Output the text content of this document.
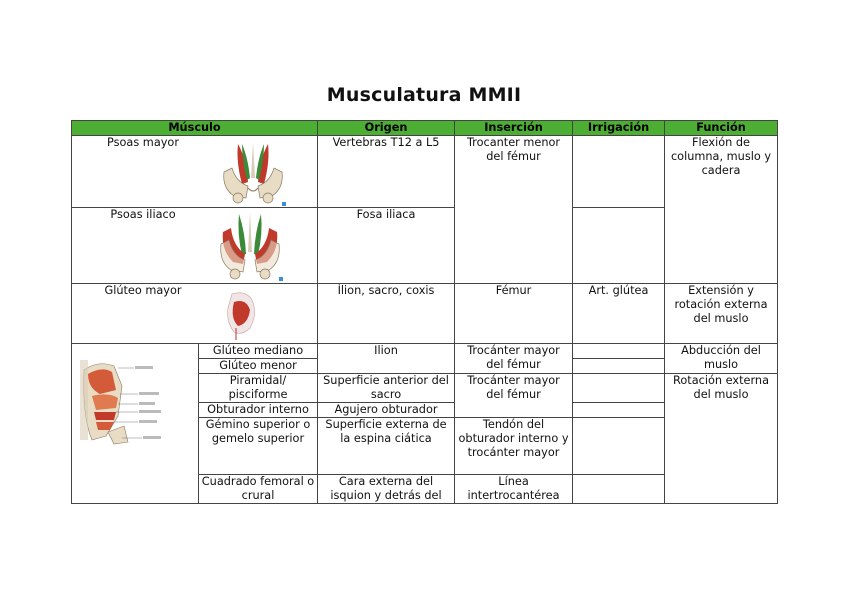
Musculatura MMII
Músculo		Origen	Inserción	Irrigación	Función

Psoas mayor		Vertebras T12 a L5	Trocanter menor del fémur		Flexión de columna, muslo y cadera

Psoas iliaco		Fosa iliaca			

Glúteo mayor		Ílion, sacro, coxis	Fémur	Art. glútea	Extensión y rotación externa del muslo

	Glúteo mediano	Ilion	Trocánter mayor del fémur		Abducción del muslo
	Glúteo menor				
	Piramidal/ pisciforme	Superficie anterior del sacro	Trocánter mayor del fémur		Rotación externa del muslo
	Obturador interno	Agujero obturador			
	Gémino superior o gemelo superior	Superficie externa de la espina ciática	Tendón del obturador interno y trocánter mayor		
	Cuadrado femoral o crural	Cara externa del isquion y detrás del	Línea intertrocantérea		
